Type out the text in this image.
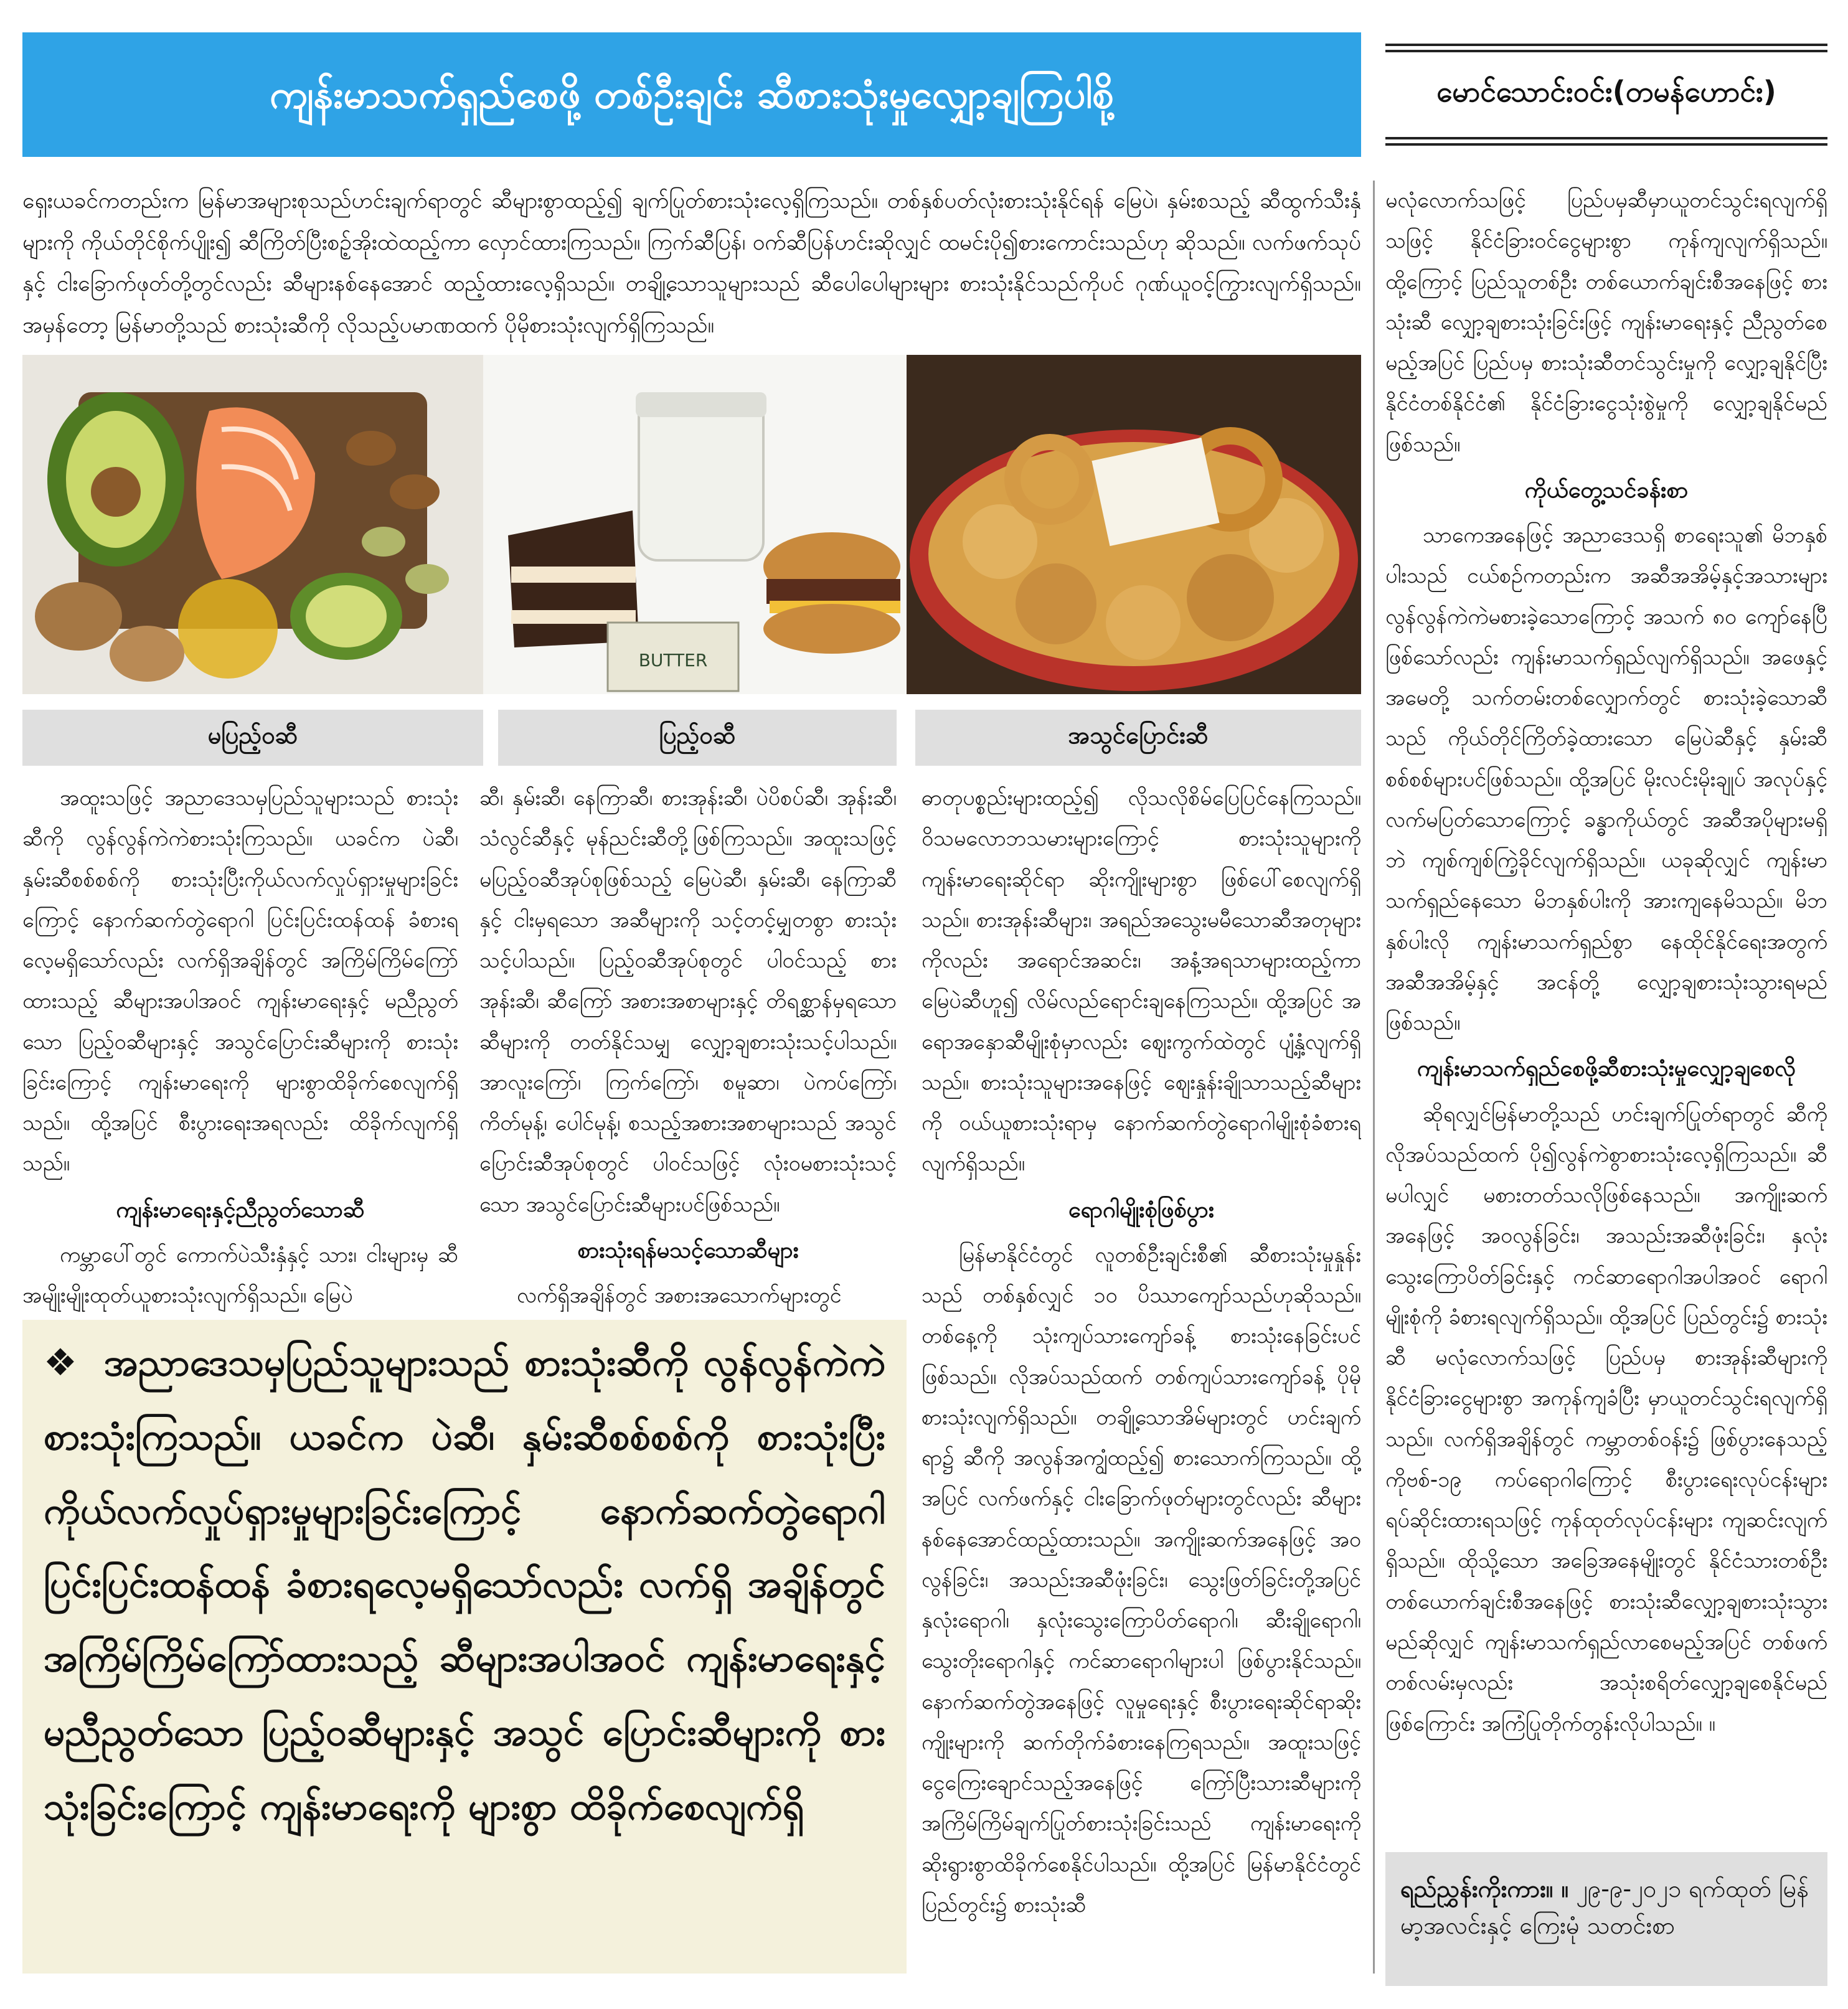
ကျန်းမာသက်ရှည်စေဖို့ တစ်ဦးချင်း ဆီစားသုံးမှုလျှော့ချကြပါစို့	မောင်သောင်းဝင်း(တမန်ဟောင်း)

ရှေးယခင်ကတည်းက မြန်မာအများစုသည်ဟင်းချက်ရာတွင် ဆီများစွာထည့်၍ ချက်ပြုတ်စားသုံးလေ့ရှိကြသည်။ တစ်နှစ်ပတ်လုံးစားသုံးနိုင်ရန် မြေပဲ၊ နှမ်းစသည့် ဆီထွက်သီးနှံများကို ကိုယ်တိုင်စိုက်ပျိုး၍ ဆီကြိတ်ပြီးစဉ့်အိုးထဲထည့်ကာ လှောင်ထားကြသည်။ ကြက်ဆီပြန်၊ ဝက်ဆီပြန်ဟင်းဆိုလျှင် ထမင်းပို၍စားကောင်းသည်ဟု ဆိုသည်။ လက်ဖက်သုပ်နှင့် ငါးခြောက်ဖုတ်တို့တွင်လည်း ဆီများနစ်နေအောင် ထည့်ထားလေ့ရှိသည်။ တချို့သောသူများသည် ဆီပေါပေါများများ စားသုံးနိုင်သည်ကိုပင် ဂုဏ်ယူဝင့်ကြွားလျက်ရှိသည်။ အမှန်တော့ မြန်မာတို့သည် စားသုံးဆီကို လိုသည့်ပမာဏထက် ပိုမိုစားသုံးလျက်ရှိကြသည်။

BUTTER
မပြည့်ဝဆီ	ပြည့်ဝဆီ	အသွင်ပြောင်းဆီ

အထူးသဖြင့် အညာဒေသမှပြည်သူများသည် စားသုံးဆီကို လွန်လွန်ကဲကဲစားသုံးကြသည်။ ယခင်က ပဲဆီ၊ နှမ်းဆီစစ်စစ်ကို စားသုံးပြီးကိုယ်လက်လှုပ်ရှားမှုများခြင်းကြောင့် နောက်ဆက်တွဲရောဂါ ပြင်းပြင်းထန်ထန် ခံစားရလေ့မရှိသော်လည်း လက်ရှိအချိန်တွင် အကြိမ်ကြိမ်ကြော်ထားသည့် ဆီများအပါအဝင် ကျန်းမာရေးနှင့် မညီညွတ်သော ပြည့်ဝဆီများနှင့် အသွင်ပြောင်းဆီများကို စားသုံးခြင်းကြောင့် ကျန်းမာရေးကို များစွာထိခိုက်စေလျက်ရှိသည်။ ထို့အပြင် စီးပွားရေးအရလည်း ထိခိုက်လျက်ရှိသည်။

ကျန်းမာရေးနှင့်ညီညွတ်သောဆီ

ကမ္ဘာပေါ်တွင် ကောက်ပဲသီးနှံနှင့် သား၊ ငါးများမှ ဆီအမျိုးမျိုးထုတ်ယူစားသုံးလျက်ရှိသည်။ မြေပဲ

ဆီ၊ နှမ်းဆီ၊ နေကြာဆီ၊ စားအုန်းဆီ၊ ပဲပိစပ်ဆီ၊ အုန်းဆီ၊ သံလွင်ဆီနှင့် မုန်ညင်းဆီတို့ဖြစ်ကြသည်။ အထူးသဖြင့် မပြည့်ဝဆီအုပ်စုဖြစ်သည့် မြေပဲဆီ၊ နှမ်းဆီ၊ နေကြာဆီနှင့် ငါးမှရသော အဆီများကို သင့်တင့်မျှတစွာ စားသုံးသင့်ပါသည်။ ပြည့်ဝဆီအုပ်စုတွင် ပါဝင်သည့် စားအုန်းဆီ၊ ဆီကြော် အစားအစာများနှင့် တိရစ္ဆာန်မှရသောဆီများကို တတ်နိုင်သမျှ လျှော့ချစားသုံးသင့်ပါသည်။ အာလူးကြော်၊ ကြက်ကြော်၊ စမူဆာ၊ ပဲကပ်ကြော်၊ ကိတ်မုန့်၊ ပေါင်မုန့်၊ စသည့်အစားအစာများသည် အသွင်ပြောင်းဆီအုပ်စုတွင် ပါဝင်သဖြင့် လုံးဝမစားသုံးသင့်သော အသွင်ပြောင်းဆီများပင်ဖြစ်သည်။

စားသုံးရန်မသင့်သောဆီများ

လက်ရှိအချိန်တွင် အစားအသောက်များတွင်

ဓာတုပစ္စည်းများထည့်၍ လိုသလိုစိမ်ပြေပြင်နေကြသည်။ ဝိသမလောဘသမားများကြောင့် စားသုံးသူများကို ကျန်းမာရေးဆိုင်ရာ ဆိုးကျိုးများစွာ ဖြစ်ပေါ်စေလျက်ရှိသည်။ စားအုန်းဆီများ၊ အရည်အသွေးမမီသောဆီအတုများကိုလည်း အရောင်အဆင်း၊ အနံ့အရသာများထည့်ကာ မြေပဲဆီဟူ၍ လိမ်လည်ရောင်းချနေကြသည်။ ထို့အပြင် အရောအနှောဆီမျိုးစုံမှာလည်း ဈေးကွက်ထဲတွင် ပျံ့နှံ့လျက်ရှိသည်။ စားသုံးသူများအနေဖြင့် ဈေးနှုန်းချိုသာသည့်ဆီများကို ဝယ်ယူစားသုံးရာမှ နောက်ဆက်တွဲရောဂါမျိုးစုံခံစားရလျက်ရှိသည်။

ရောဂါမျိုးစုံဖြစ်ပွား

မြန်မာနိုင်ငံတွင် လူတစ်ဦးချင်းစီ၏ ဆီစားသုံးမှုနှုန်းသည် တစ်နှစ်လျှင် ၁၀ ပိဿာကျော်သည်ဟုဆိုသည်။ တစ်နေ့ကို သုံးကျပ်သားကျော်ခန့် စားသုံးနေခြင်းပင်ဖြစ်သည်။ လိုအပ်သည်ထက် တစ်ကျပ်သားကျော်ခန့် ပိုမိုစားသုံးလျက်ရှိသည်။ တချို့သောအိမ်များတွင် ဟင်းချက်ရာ၌ ဆီကို အလွန်အကျွံထည့်၍ စားသောက်ကြသည်။ ထို့အပြင် လက်ဖက်နှင့် ငါးခြောက်ဖုတ်များတွင်လည်း ဆီများနစ်နေအောင်ထည့်ထားသည်။ အကျိုးဆက်အနေဖြင့် အဝလွန်ခြင်း၊ အသည်းအဆီဖုံးခြင်း၊ သွေးဖြတ်ခြင်းတို့အပြင် နှလုံးရောဂါ၊ နှလုံးသွေးကြောပိတ်ရောဂါ၊ ဆီးချိုရောဂါ၊ သွေးတိုးရောဂါနှင့် ကင်ဆာရောဂါများပါ ဖြစ်ပွားနိုင်သည်။ နောက်ဆက်တွဲအနေဖြင့် လူမှုရေးနှင့် စီးပွားရေးဆိုင်ရာဆိုးကျိုးများကို ဆက်တိုက်ခံစားနေကြရသည်။ အထူးသဖြင့် ငွေကြေးချောင်သည့်အနေဖြင့် ကြော်ပြီးသားဆီများကို အကြိမ်ကြိမ်ချက်ပြုတ်စားသုံးခြင်းသည် ကျန်းမာရေးကို ဆိုးရွားစွာထိခိုက်စေနိုင်ပါသည်။ ထို့အပြင် မြန်မာနိုင်ငံတွင် ပြည်တွင်း၌ စားသုံးဆီ

မလုံလောက်သဖြင့် ပြည်ပမှဆီမှာယူတင်သွင်းရလျက်ရှိသဖြင့် နိုင်ငံခြားဝင်ငွေများစွာ ကုန်ကျလျက်ရှိသည်။ ထို့ကြောင့် ပြည်သူတစ်ဦး တစ်ယောက်ချင်းစီအနေဖြင့် စားသုံးဆီ လျှော့ချစားသုံးခြင်းဖြင့် ကျန်းမာရေးနှင့် ညီညွတ်စေမည့်အပြင် ပြည်ပမှ စားသုံးဆီတင်သွင်းမှုကို လျှော့ချနိုင်ပြီး နိုင်ငံတစ်နိုင်ငံ၏ နိုင်ငံခြားငွေသုံးစွဲမှုကို လျှော့ချနိုင်မည်ဖြစ်သည်။

ကိုယ်တွေ့သင်ခန်းစာ

သာကေအနေဖြင့် အညာဒေသရှိ စာရေးသူ၏ မိဘနှစ်ပါးသည် ငယ်စဉ်ကတည်းက အဆီအအိမ့်နှင့်အသားများ လွန်လွန်ကဲကဲမစားခဲ့သောကြောင့် အသက် ၈၀ ကျော်နေပြီဖြစ်သော်လည်း ကျန်းမာသက်ရှည်လျက်ရှိသည်။ အဖေနှင့်အမေတို့ သက်တမ်းတစ်လျှောက်တွင် စားသုံးခဲ့သောဆီသည် ကိုယ်တိုင်ကြိတ်ခဲ့ထားသော မြေပဲဆီနှင့် နှမ်းဆီစစ်စစ်များပင်ဖြစ်သည်။ ထို့အပြင် မိုးလင်းမိုးချုပ် အလုပ်နှင့် လက်မပြတ်သောကြောင့် ခန္ဓာကိုယ်တွင် အဆီအပိုများမရှိဘဲ ကျစ်ကျစ်ကြဲ့ခိုင်လျက်ရှိသည်။ ယခုဆိုလျှင် ကျန်းမာသက်ရှည်နေသော မိဘနှစ်ပါးကို အားကျနေမိသည်။ မိဘနှစ်ပါးလို ကျန်းမာသက်ရှည်စွာ နေထိုင်နိုင်ရေးအတွက် အဆီအအိမ့်နှင့် အငန်တို့ လျှော့ချစားသုံးသွားရမည်ဖြစ်သည်။

ကျန်းမာသက်ရှည်စေဖို့ဆီစားသုံးမှုလျှော့ချစေလို

ဆိုရလျှင်မြန်မာတို့သည် ဟင်းချက်ပြုတ်ရာတွင် ဆီကို လိုအပ်သည်ထက် ပို၍လွန်ကဲစွာစားသုံးလေ့ရှိကြသည်။ ဆီမပါလျှင် မစားတတ်သလိုဖြစ်နေသည်။ အကျိုးဆက်အနေဖြင့် အဝလွန်ခြင်း၊ အသည်းအဆီဖုံးခြင်း၊ နှလုံးသွေးကြောပိတ်ခြင်းနှင့် ကင်ဆာရောဂါအပါအဝင် ရောဂါမျိုးစုံကို ခံစားရလျက်ရှိသည်။ ထို့အပြင် ပြည်တွင်း၌ စားသုံးဆီ မလုံလောက်သဖြင့် ပြည်ပမှ စားအုန်းဆီများကို နိုင်ငံခြားငွေများစွာ အကုန်ကျခံပြီး မှာယူတင်သွင်းရလျက်ရှိသည်။ လက်ရှိအချိန်တွင် ကမ္ဘာတစ်ဝန်း၌ ဖြစ်ပွားနေသည့် ကိုဗစ်-၁၉ ကပ်ရောဂါကြောင့် စီးပွားရေးလုပ်ငန်းများ ရပ်ဆိုင်းထားရသဖြင့် ကုန်ထုတ်လုပ်ငန်းများ ကျဆင်းလျက်ရှိသည်။ ထိုသို့သော အခြေအနေမျိုးတွင် နိုင်ငံသားတစ်ဦးတစ်ယောက်ချင်းစီအနေဖြင့် စားသုံးဆီလျှော့ချစားသုံးသွားမည်ဆိုလျှင် ကျန်းမာသက်ရှည်လာစေမည့်အပြင် တစ်ဖက်တစ်လမ်းမှလည်း အသုံးစရိတ်လျှော့ချစေနိုင်မည်ဖြစ်ကြောင်း အကြံပြုတိုက်တွန်းလိုပါသည်။ ။

❖ အညာဒေသမှပြည်သူများသည် စားသုံးဆီကို လွန်လွန်ကဲကဲ စားသုံးကြသည်။ ယခင်က ပဲဆီ၊ နှမ်းဆီစစ်စစ်ကို စားသုံးပြီး ကိုယ်လက်လှုပ်ရှားမှုများခြင်းကြောင့် နောက်ဆက်တွဲရောဂါ ပြင်းပြင်းထန်ထန် ခံစားရလေ့မရှိသော်လည်း လက်ရှိ အချိန်တွင် အကြိမ်ကြိမ်ကြော်ထားသည့် ဆီများအပါအဝင် ကျန်းမာရေးနှင့် မညီညွတ်သော ပြည့်ဝဆီများနှင့် အသွင် ပြောင်းဆီများကို စားသုံးခြင်းကြောင့် ကျန်းမာရေးကို များစွာ ထိခိုက်စေလျက်ရှိ

ရည်ညွှန်းကိုးကား။ ။ ၂၉-၉-၂၀၂၁ ရက်ထုတ် မြန်မာ့အလင်းနှင့် ကြေးမုံ သတင်းစာ
